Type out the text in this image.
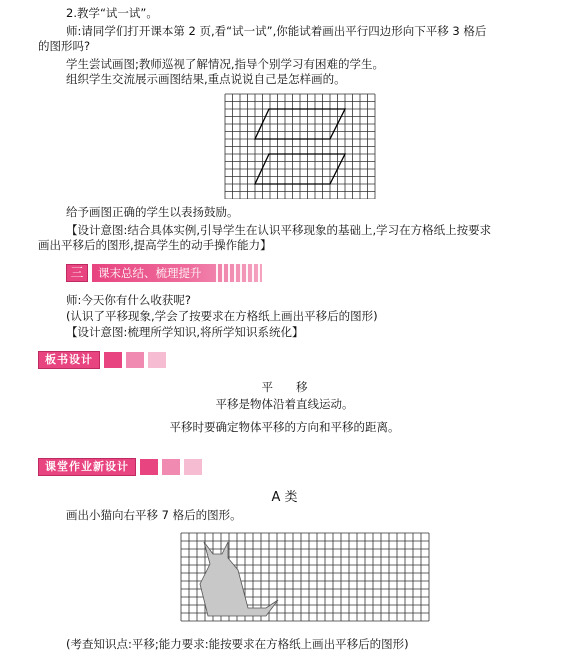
2.教学“试一试”。
师:请同学们打开课本第 2 页,看“试一试”,你能试着画出平行四边形向下平移 3 格后
的图形吗?
学生尝试画图;教师巡视了解情况,指导个别学习有困难的学生。
组织学生交流展示画图结果,重点说说自己是怎样画的。
给予画图正确的学生以表扬鼓励。
【设计意图:结合具体实例,引导学生在认识平移现象的基础上,学习在方格纸上按要求
画出平移后的图形,提高学生的动手操作能力】
三	课末总结、梳理提升
师:今天你有什么收获呢?
(认识了平移现象,学会了按要求在方格纸上画出平移后的图形)
【设计意图:梳理所学知识,将所学知识系统化】
板书设计
平　　移
平移是物体沿着直线运动。
平移时要确定物体平移的方向和平移的距离。
课堂作业新设计
A 类
画出小猫向右平移 7 格后的图形。
(考查知识点:平移;能力要求:能按要求在方格纸上画出平移后的图形)
